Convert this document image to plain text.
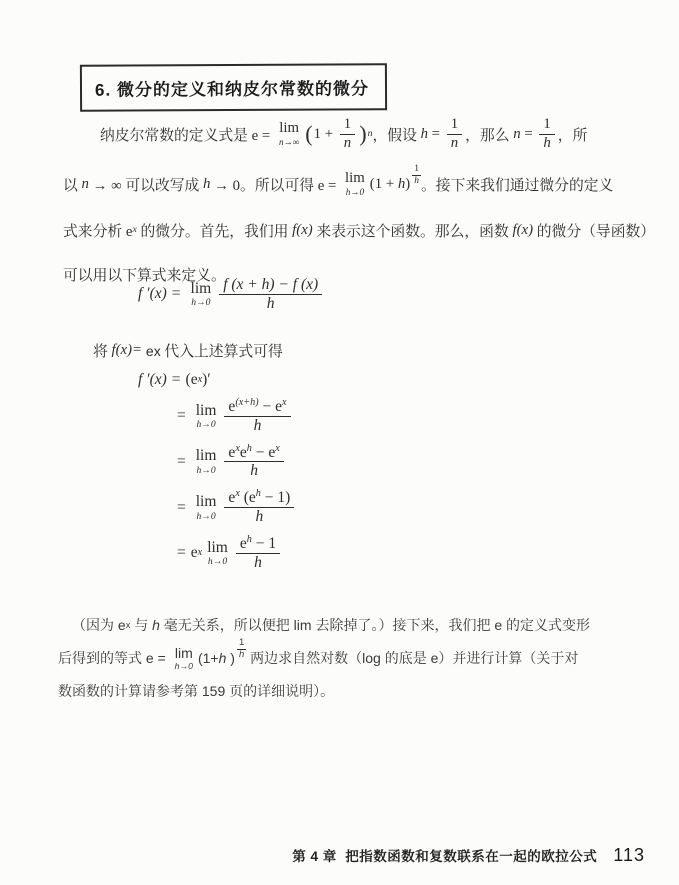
6. 微分的定义和纳皮尔常数的微分
纳皮尔常数的定义式是 e = lim
n→∞ ( $1 + \frac{1}{n}$ ) n ，假设 $h = \frac{1}{n}$ ，那么 $n = \frac{1}{h}$ ，所
以 n → ∞ 可以改写成 h → 0。所以可得 e = lim
h→0
( 1 + h ) $\frac{1}{h}$ 。接下来我们通过微分的定义
式来分析 e x 的微分。首先，我们用 f(x) 来表示这个函数。那么，函数 f(x) 的微分（导函数）
可以用以下算式来定义。
f ′(x) = lim
$h\to 0 \frac{f (x + h) - f (x)}{h}$
将 f(x)= e x 代入上述算式可得
f ′(x) = (e x )′
= lim
$h\to 0 \frac{e^{(x+h)} - e^x}{h}$
= lim
$h\to 0 \frac{e^xe^h - e^x}{h}$
= lim
$h\to 0 \frac{e^x (e^h - 1)}{h}$
= e x lim
$h\to 0 \frac{e^h - 1}{h}$
（因为 e x 与 h 毫无关系，所以便把 lim 去除掉了。）接下来，我们把 e 的定义式变形
后得到的等式 e = lim
h→0 (1+ h ) $\frac{1}{h}$ 两边求自然对数（log 的底是 e）并进行计算（关于对
数函数的计算请参考第 159 页的详细说明）。
第 4 章  把指数函数和复数联系在一起的欧拉公式 113
